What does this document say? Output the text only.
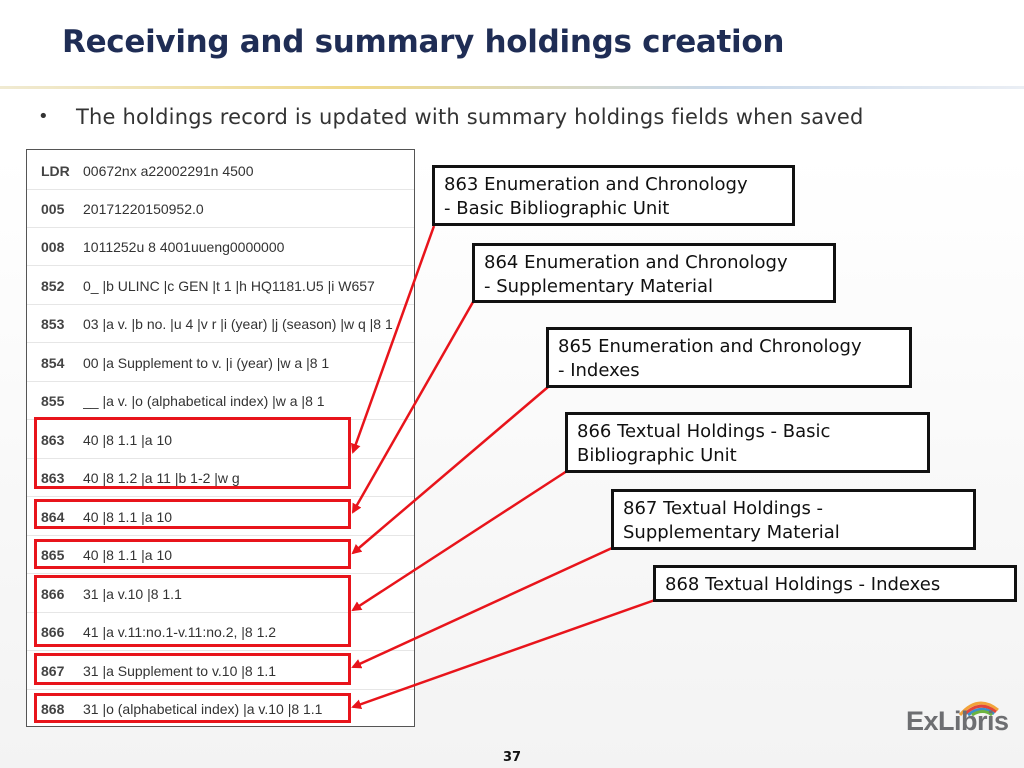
Receiving and summary holdings creation
• The holdings record is updated with summary holdings fields when saved
LDR 00672nx a22002291n 4500
005 20171220150952.0
008 1011252u 8 4001uueng0000000
852 0_ |b ULINC |c GEN |t 1 |h HQ1181.U5 |i W657
853 03 |a v. |b no. |u 4 |v r |i (year) |j (season) |w q |8 1
854 00 |a Supplement to v. |i (year) |w a |8 1
855 __ |a v. |o (alphabetical index) |w a |8 1
863 40 |8 1.1 |a 10
863 40 |8 1.2 |a 11 |b 1-2 |w g
864 40 |8 1.1 |a 10
865 40 |8 1.1 |a 10
866 31 |a v.10 |8 1.1
866 41 |a v.11:no.1-v.11:no.2, |8 1.2
867 31 |a Supplement to v.10 |8 1.1
868 31 |o (alphabetical index) |a v.10 |8 1.1
863 Enumeration and Chronology
- Basic Bibliographic Unit
864 Enumeration and Chronology
- Supplementary Material
865 Enumeration and Chronology
- Indexes
866 Textual Holdings - Basic
Bibliographic Unit
867 Textual Holdings -
Supplementary Material
868 Textual Holdings - Indexes
ExLibris
37
